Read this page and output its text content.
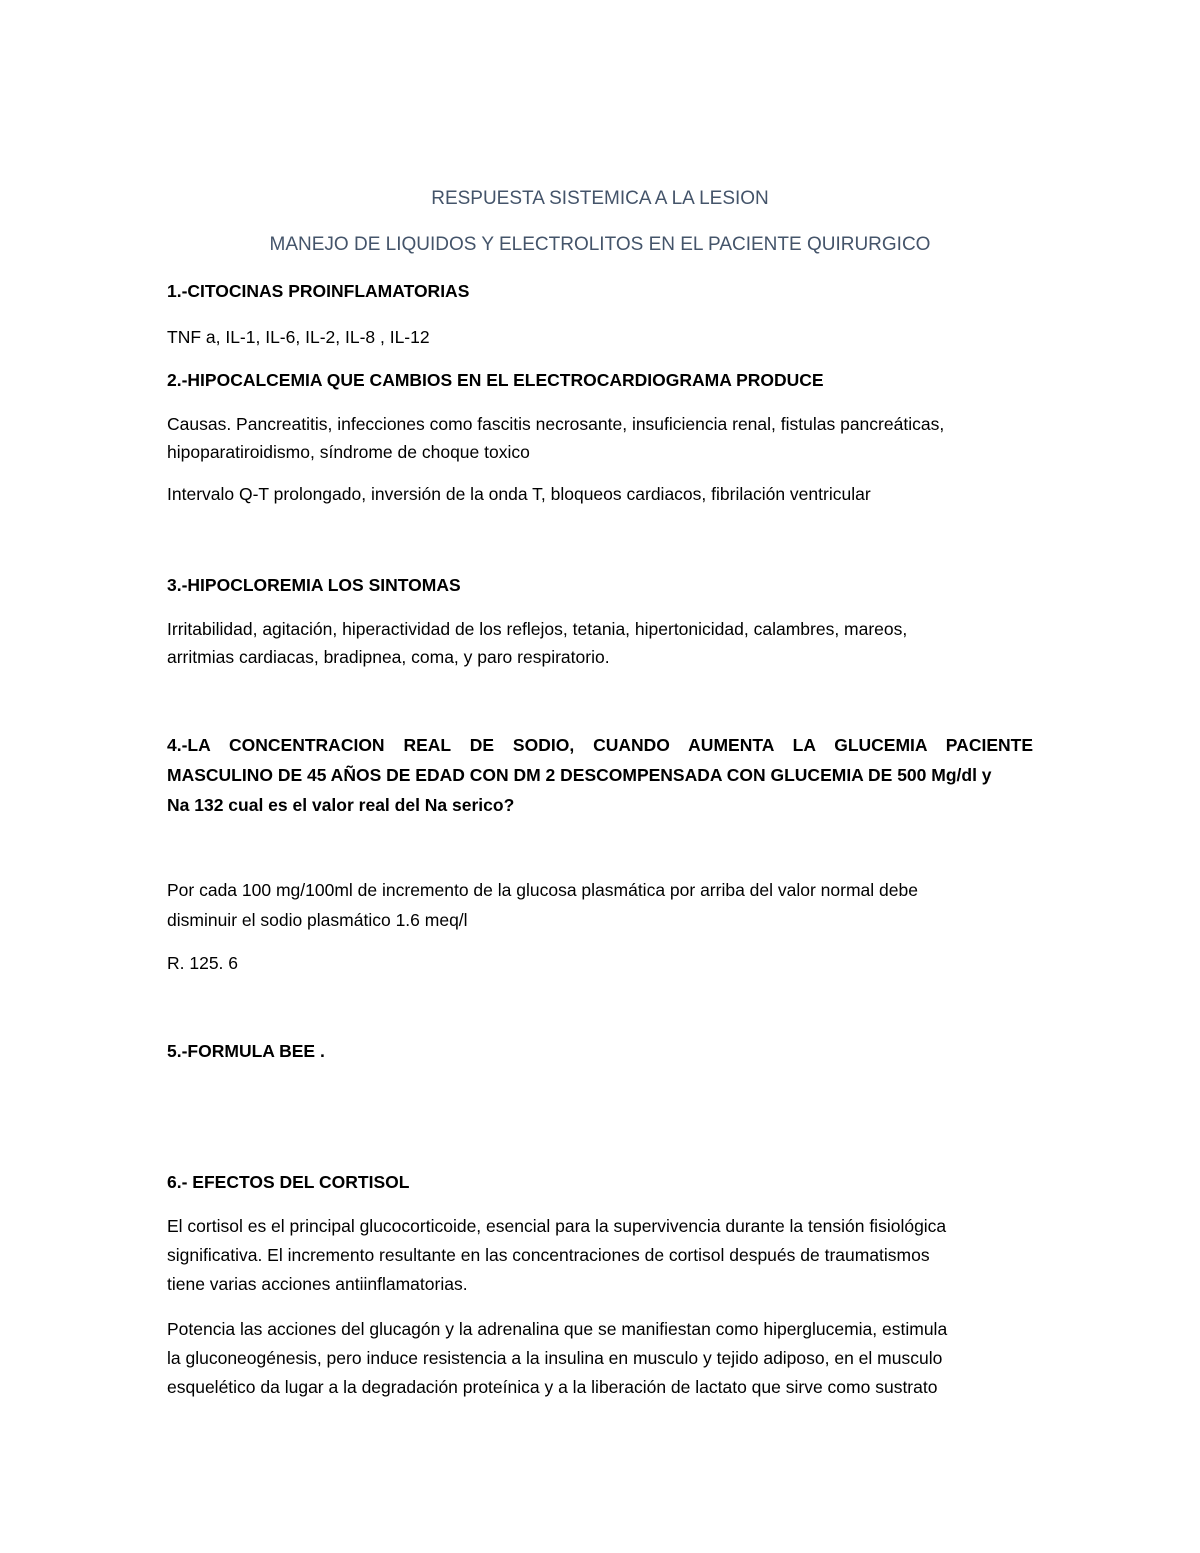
RESPUESTA SISTEMICA A LA LESION
MANEJO DE LIQUIDOS Y ELECTROLITOS EN EL PACIENTE QUIRURGICO
1.-CITOCINAS PROINFLAMATORIAS
TNF a, IL-1, IL-6, IL-2, IL-8 , IL-12
2.-HIPOCALCEMIA QUE CAMBIOS EN EL ELECTROCARDIOGRAMA PRODUCE
Causas. Pancreatitis, infecciones como fascitis necrosante, insuficiencia renal, fistulas pancreáticas,
hipoparatiroidismo, síndrome de choque toxico
Intervalo Q-T prolongado, inversión de la onda T, bloqueos cardiacos, fibrilación ventricular
3.-HIPOCLOREMIA LOS SINTOMAS
Irritabilidad, agitación, hiperactividad de los reflejos, tetania, hipertonicidad, calambres, mareos,
arritmias cardiacas, bradipnea, coma, y paro respiratorio.
4.-LA CONCENTRACION REAL DE SODIO, CUANDO AUMENTA LA GLUCEMIA PACIENTE
MASCULINO DE 45 AÑOS DE EDAD CON DM 2 DESCOMPENSADA CON GLUCEMIA DE 500 Mg/dl y
Na 132 cual es el valor real del Na serico?
Por cada 100 mg/100ml de incremento de la glucosa plasmática por arriba del valor normal debe
disminuir el sodio plasmático 1.6 meq/l
R. 125. 6
5.-FORMULA BEE .
6.- EFECTOS DEL CORTISOL
El cortisol es el principal glucocorticoide, esencial para la supervivencia durante la tensión fisiológica
significativa. El incremento resultante en las concentraciones de cortisol después de traumatismos
tiene varias acciones antiinflamatorias.
Potencia las acciones del glucagón y la adrenalina que se manifiestan como hiperglucemia, estimula
la gluconeogénesis, pero induce resistencia a la insulina en musculo y tejido adiposo, en el musculo
esquelético da lugar a la degradación proteínica y a la liberación de lactato que sirve como sustrato
